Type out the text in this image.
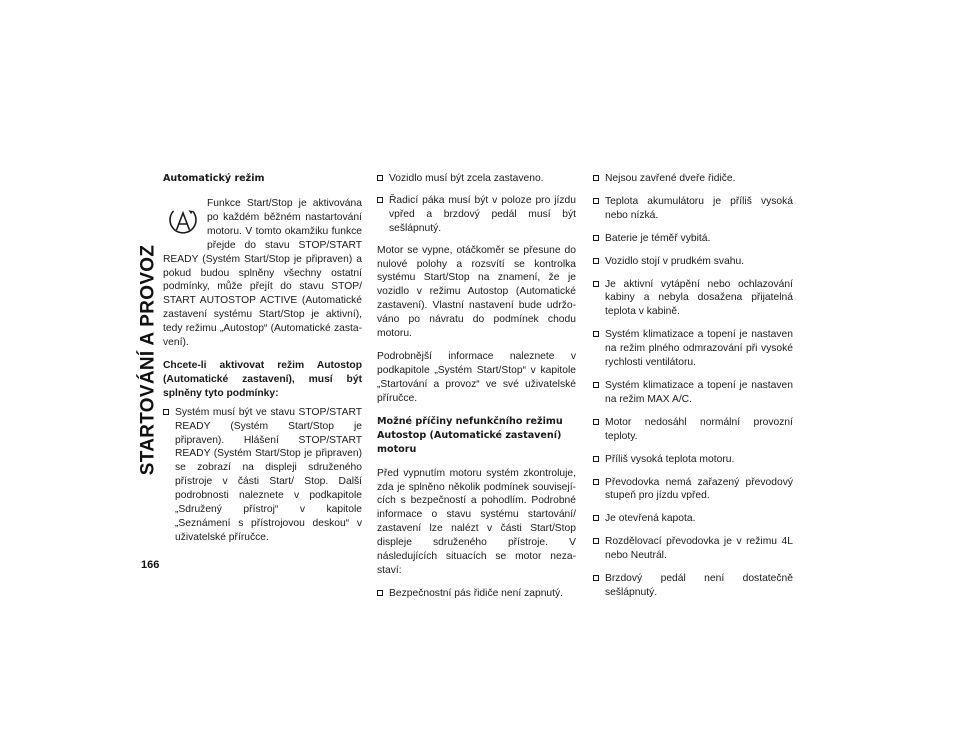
STARTOVÁNÍ A PROVOZ
166
Automatický režim

Funkce Start/Stop je aktivována po každém běžném nastartování motoru. V tomto okamžiku funkce přejde do stavu STOP/START READY (Systém Start/Stop je připraven) a pokud budou splněny všechny ostatní podmínky, může přejít do stavu STOP/ START AUTOSTOP ACTIVE (Automatické zastavení systému Start/Stop je aktivní), tedy režimu „Autostop“ (Automatické zasta-vení).

Chcete-li aktivovat režim Autostop (Automatické zastavení), musí být splněny tyto podmínky:

Systém musí být ve stavu STOP/START READY (Systém Start/Stop je připraven). Hlášení STOP/START READY (Systém Start/Stop je připraven) se zobrazí na displeji sdruženého přístroje v části Start/ Stop. Další podrobnosti naleznete v podkapitole „Sdružený přístroj“ v kapitole „Seznámení s přístrojovou deskou“ v uživatelské příručce.
Vozidlo musí být zcela zastaveno.
Řadicí páka musí být v poloze pro jízdu vpřed a brzdový pedál musí být sešlápnutý.

Motor se vypne, otáčkoměr se přesune do nulové polohy a rozsvítí se kontrolka systému Start/Stop na znamení, že je vozidlo v režimu Autostop (Automatické zastavení). Vlastní nastavení bude udržo-váno po návratu do podmínek chodu motoru.

Podrobnější informace naleznete v podkapitole „Systém Start/Stop“ v kapitole „Startování a provoz“ ve své uživatelské příručce.

Možné příčiny nefunkčního režimu Autostop (Automatické zastavení) motoru

Před vypnutím motoru systém zkontroluje, zda je splněno několik podmínek souvisejí-cích s bezpečností a pohodlím. Podrobné informace o stavu systému startování/ zastavení lze nalézt v části Start/Stop displeje sdruženého přístroje. V následujících situacích se motor neza-staví:

Bezpečnostní pás řidiče není zapnutý.
Nejsou zavřené dveře řidiče.
Teplota akumulátoru je příliš vysoká nebo nízká.
Baterie je téměř vybitá.
Vozidlo stojí v prudkém svahu.
Je aktivní vytápění nebo ochlazování kabiny a nebyla dosažena přijatelná teplota v kabině.
Systém klimatizace a topení je nastaven na režim plného odmrazování při vysoké rychlosti ventilátoru.
Systém klimatizace a topení je nastaven na režim MAX A/C.
Motor nedosáhl normální provozní teploty.
Příliš vysoká teplota motoru.
Převodovka nemá zařazený převodový stupeň pro jízdu vpřed.
Je otevřená kapota.
Rozdělovací převodovka je v režimu 4L nebo Neutrál.
Brzdový pedál není dostatečně sešlápnutý.
